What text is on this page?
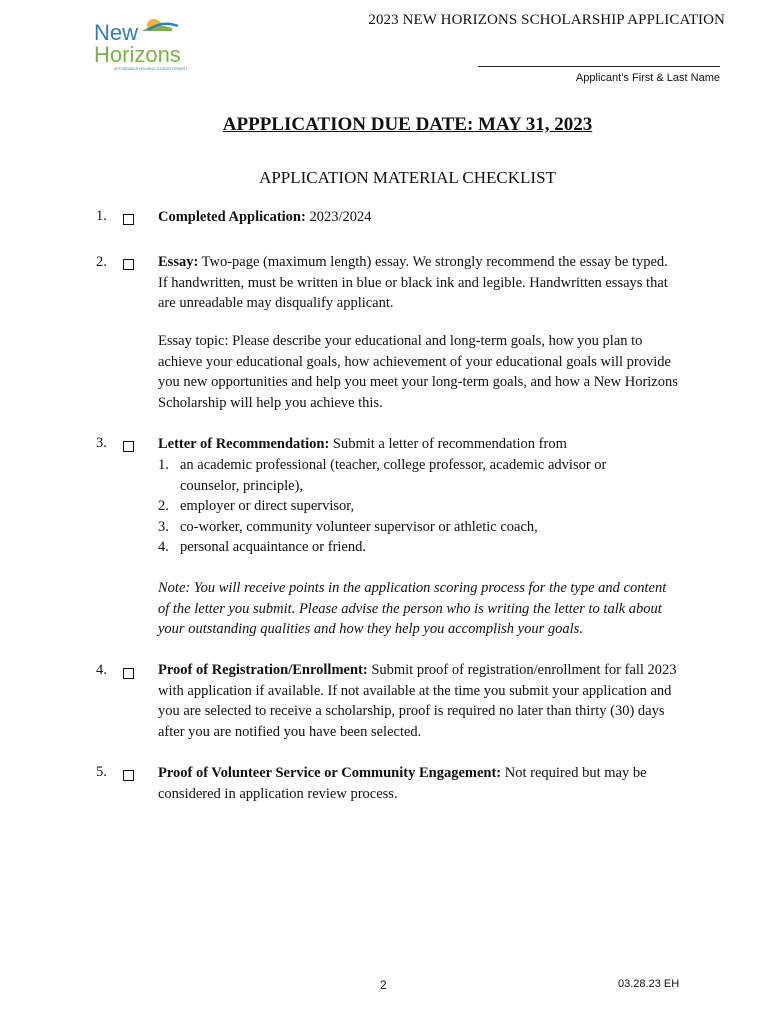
New
Horizons
AFFORDABLE HOUSING & DEVELOPMENT
2023 NEW HORIZONS SCHOLARSHIP APPLICATION
Applicant’s First & Last Name
APPPLICATION DUE DATE: MAY 31, 2023
APPLICATION MATERIAL CHECKLIST
1.	Completed Application: 2023/2024
2.	Essay: Two-page (maximum length) essay. We strongly recommend the essay be typed. If handwritten, must be written in blue or black ink and legible. Handwritten essays that are unreadable may disqualify applicant.
Essay topic: Please describe your educational and long-term goals, how you plan to achieve your educational goals, how achievement of your educational goals will provide you new opportunities and help you meet your long-term goals, and how a New Horizons Scholarship will help you achieve this.
3.	Letter of Recommendation: Submit a letter of recommendation from
1. an academic professional (teacher, college professor, academic advisor or
counselor, principle),
2. employer or direct supervisor,
3. co-worker, community volunteer supervisor or athletic coach,
4. personal acquaintance or friend.
Note: You will receive points in the application scoring process for the type and content of the letter you submit. Please advise the person who is writing the letter to talk about your outstanding qualities and how they help you accomplish your goals.
4.	Proof of Registration/Enrollment: Submit proof of registration/enrollment for fall 2023 with application if available. If not available at the time you submit your application and you are selected to receive a scholarship, proof is required no later than thirty (30) days after you are notified you have been selected.
5.	Proof of Volunteer Service or Community Engagement: Not required but may be considered in application review process.
2	03.28.23 EH
